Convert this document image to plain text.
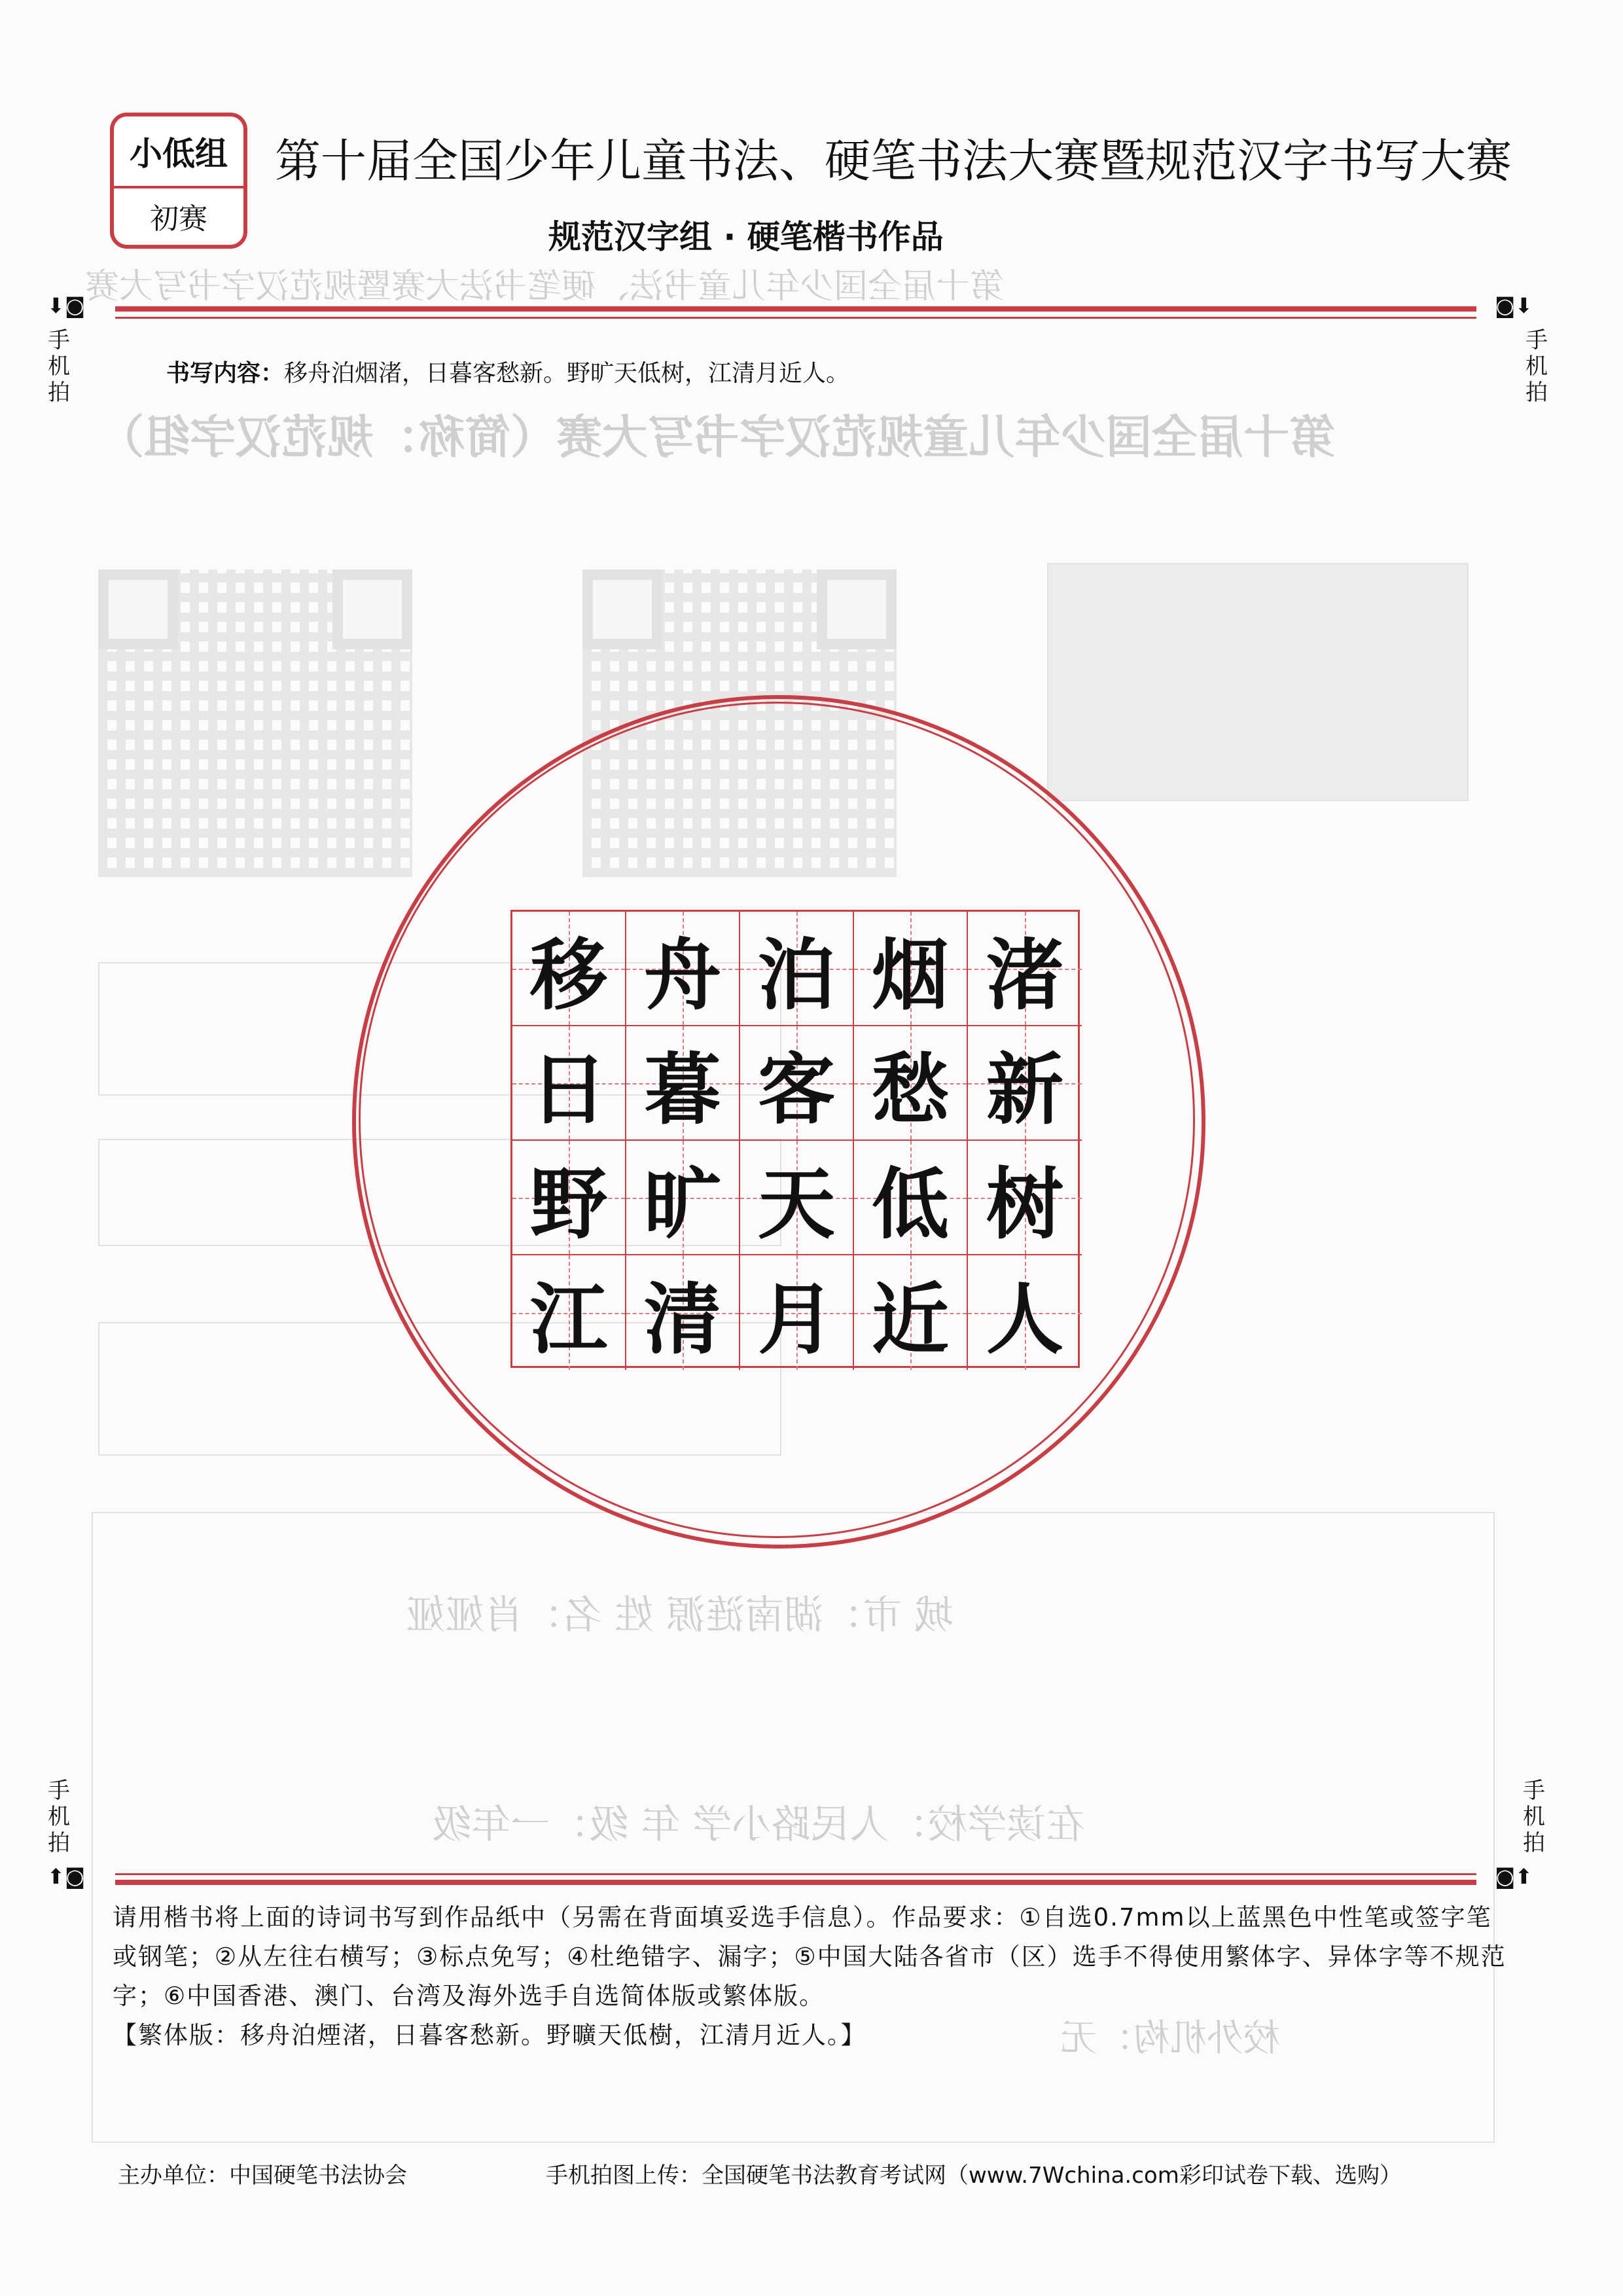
第十届全国少年儿童书法、硬笔书法大赛暨规范汉字书写大赛
第十届全国少年儿童规范汉字书写大赛（简称：规范汉字组）
城 市：湖南涟源 姓 名：肖娅娅
在读学校：人民路小学 年 级：一年级
校外机构：无
小低组
初赛
第十届全国少年儿童书法、硬笔书法大赛暨规范汉字书写大赛
规范汉字组 · 硬笔楷书作品
⬇◙
手机拍
◙⬇
手机拍
书写内容：移舟泊烟渚，日暮客愁新。野旷天低树，江清月近人。
移 舟 泊 烟 渚
日 暮 客 愁 新
野 旷 天 低 树
江 清 月 近 人
手机拍
⬆◙
手机拍
◙⬆
请用楷书将上面的诗词书写到作品纸中（另需在背面填妥选手信息）。作品要求：①自选0.7mm以上蓝黑色中性笔或签字笔或钢笔；②从左往右横写；③标点免写；④杜绝错字、漏字；⑤中国大陆各省市（区）选手不得使用繁体字、异体字等不规范字；⑥中国香港、澳门、台湾及海外选手自选简体版或繁体版。
【繁体版：移舟泊煙渚，日暮客愁新。野曠天低樹，江清月近人。】
主办单位：中国硬笔书法协会	手机拍图上传：全国硬笔书法教育考试网（www.7Wchina.com彩印试卷下载、选购）
